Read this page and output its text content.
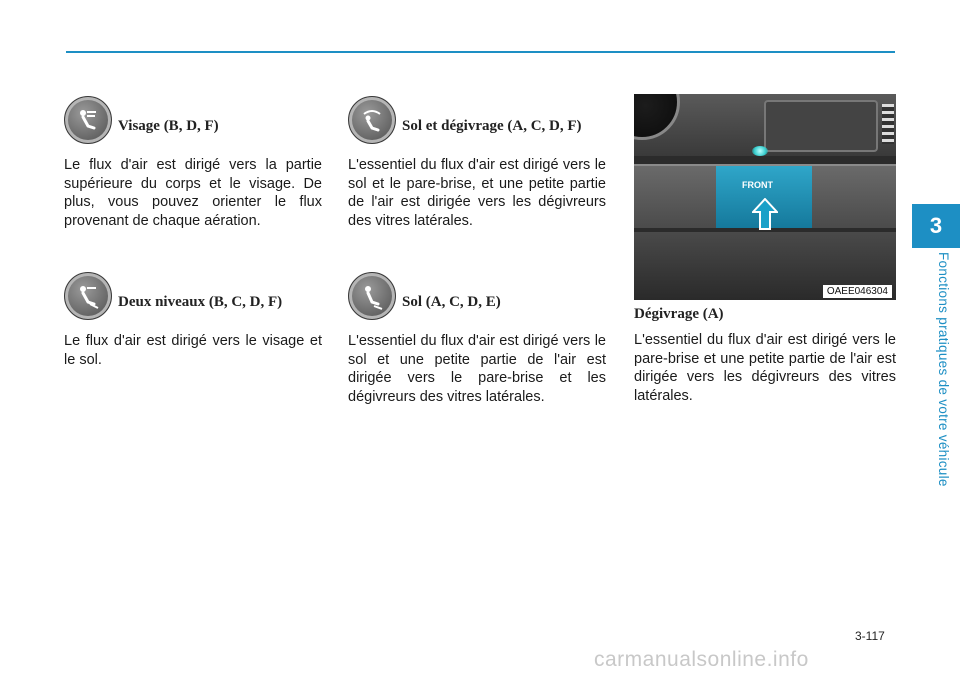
Visage (B, D, F)

Le flux d'air est dirigé vers la partie supérieure du corps et le visage. De plus, vous pouvez orienter le flux provenant de chaque aération.

Deux niveaux (B, C, D, F)

Le flux d'air est dirigé vers le visage et le sol.

Sol et dégivrage (A, C, D, F)

L'essentiel du flux d'air est dirigé vers le sol et le pare-brise, et une petite partie de l'air est dirigée vers les dégivreurs des vitres latérales.

Sol (A, C, D, E)

L'essentiel du flux d'air est dirigé vers le sol et une petite partie de l'air est dirigée vers le pare-brise et les dégivreurs des vitres latérales.

FRONT
OAEE046304
Dégivrage (A)

L'essentiel du flux d'air est dirigé vers le pare-brise et une petite partie de l'air est dirigée vers les dégivreurs des vitres latérales.

3
Fonctions pratiques de votre véhicule
3-117
carmanualsonline.info
